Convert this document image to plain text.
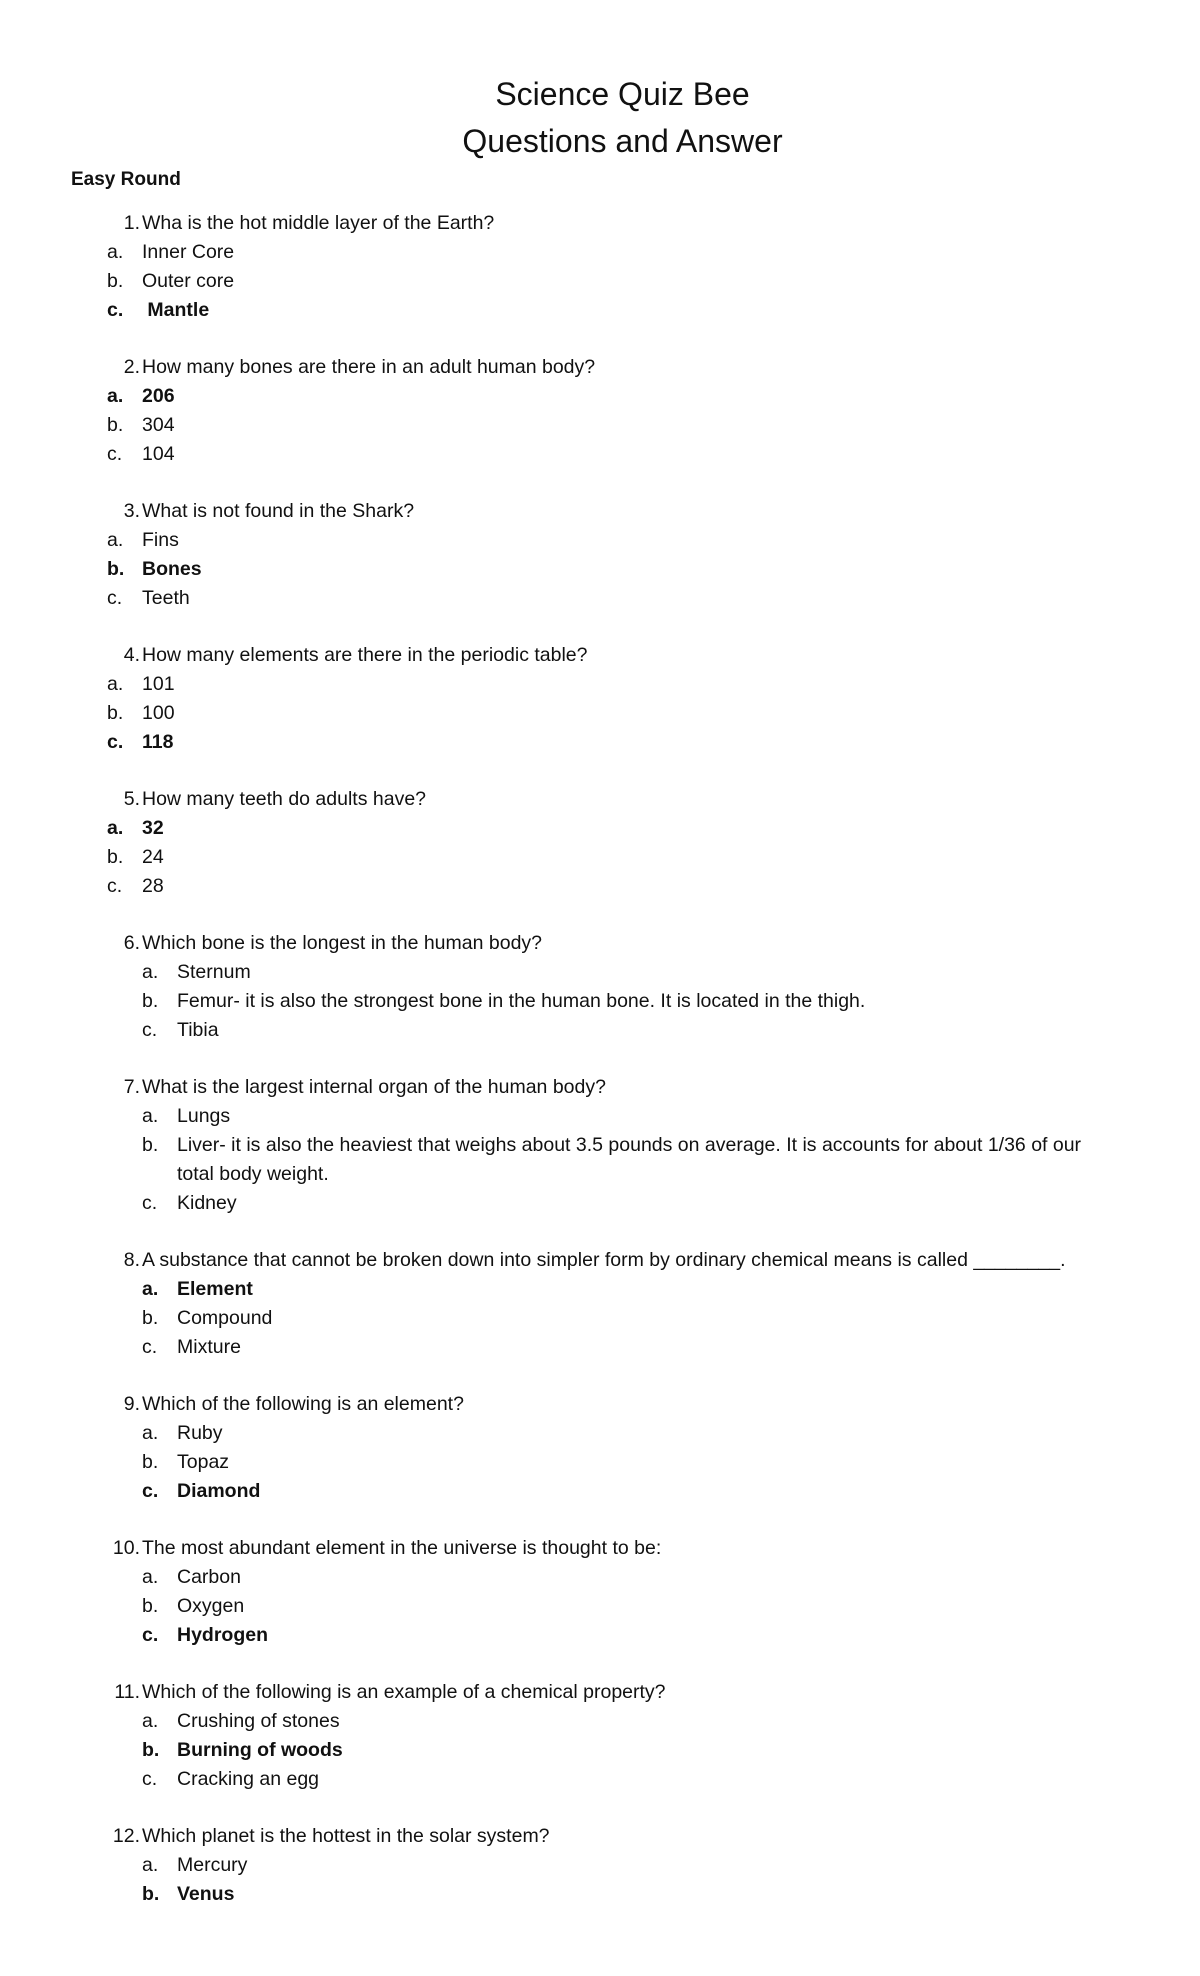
Science Quiz Bee
Questions and Answer
Easy Round
1. Wha is the hot middle layer of the Earth?
a. Inner Core
b. Outer core
c. Mantle
2. How many bones are there in an adult human body?
a. 206
b. 304
c. 104
3. What is not found in the Shark?
a. Fins
b. Bones
c. Teeth
4. How many elements are there in the periodic table?
a. 101
b. 100
c. 118
5. How many teeth do adults have?
a. 32
b. 24
c. 28
6. Which bone is the longest in the human body?
a. Sternum
b. Femur- it is also the strongest bone in the human bone. It is located in the thigh.
c. Tibia
7. What is the largest internal organ of the human body?
a. Lungs
b. Liver- it is also the heaviest that weighs about 3.5 pounds on average. It is accounts for about 1/36 of our total body weight.
c. Kidney
8. A substance that cannot be broken down into simpler form by ordinary chemical means is called ________.
a. Element
b. Compound
c. Mixture
9. Which of the following is an element?
a. Ruby
b. Topaz
c. Diamond
10. The most abundant element in the universe is thought to be:
a. Carbon
b. Oxygen
c. Hydrogen
11. Which of the following is an example of a chemical property?
a. Crushing of stones
b. Burning of woods
c. Cracking an egg
12. Which planet is the hottest in the solar system?
a. Mercury
b. Venus
